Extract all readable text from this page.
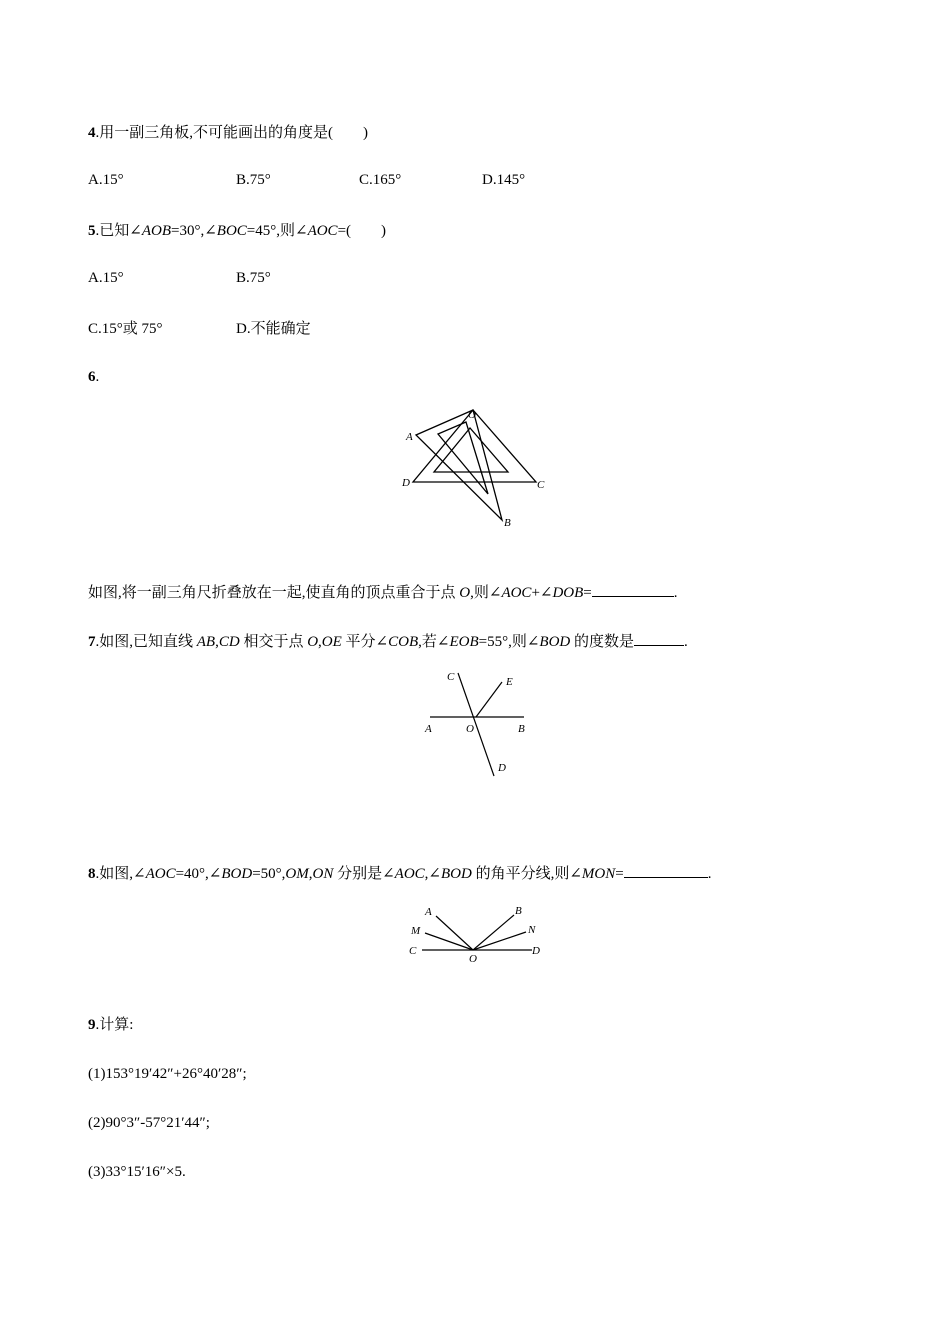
4.用一副三角板,不可能画出的角度是(　　)
A.15°	B.75°	C.165°	D.145°
5.已知∠AOB=30°,∠BOC=45°,则∠AOC=(　　)
A.15°	B.75°
C.15°或 75°	D.不能确定
6.
O
A
D	C
B
如图,将一副三角尺折叠放在一起,使直角的顶点重合于点 O,则∠AOC+∠DOB=	.
7.如图,已知直线 AB,CD 相交于点 O,OE 平分∠COB,若∠EOB=55°,则∠BOD 的度数是	.
C	E
A	O	B
D
8.如图,∠AOC=40°,∠BOD=50°,OM,ON 分别是∠AOC,∠BOD 的角平分线,则∠MON=	.
A	B
M	N
C
O
D
9.计算:
(1)153°19′42″+26°40′28″;
(2)90°3″-57°21′44″;
(3)33°15′16″×5.
